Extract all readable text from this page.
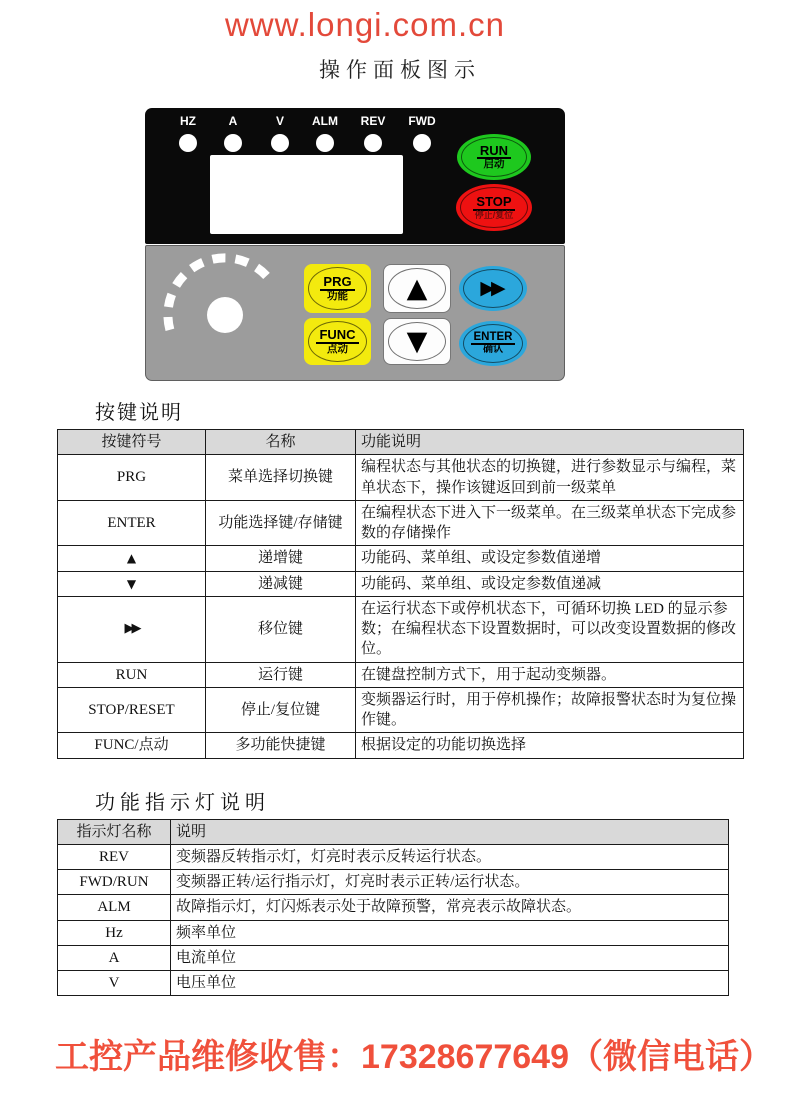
www.longi.com.cn
操作面板图示
HZ	A	V	ALM	REV	FWD
RUN
启动
STOP
停止/复位
PRG
功能
FUNC
点动
▲
▼
▶▶
ENTER
确认
按键说明
按键符号	名称	功能说明
PRG	菜单选择切换键	编程状态与其他状态的切换键，进行参数显示与编程，菜单状态下，操作该键返回到前一级菜单
ENTER	功能选择键/存储键	在编程状态下进入下一级菜单。在三级菜单状态下完成参数的存储操作
▲	递增键	功能码、菜单组、或设定参数值递增
▼	递减键	功能码、菜单组、或设定参数值递减
▶▶	移位键	在运行状态下或停机状态下，可循环切换 LED 的显示参数；在编程状态下设置数据时，可以改变设置数据的修改位。
RUN	运行键	在键盘控制方式下，用于起动变频器。
STOP/RESET	停止/复位键	变频器运行时，用于停机操作；故障报警状态时为复位操作键。
FUNC/点动	多功能快捷键	根据设定的功能切换选择
功能指示灯说明
指示灯名称	说明
REV	变频器反转指示灯，灯亮时表示反转运行状态。
FWD/RUN	变频器正转/运行指示灯，灯亮时表示正转/运行状态。
ALM	故障指示灯，灯闪烁表示处于故障预警，常亮表示故障状态。
Hz	频率单位
A	电流单位
V	电压单位
工控产品维修收售：17328677649（微信电话）
